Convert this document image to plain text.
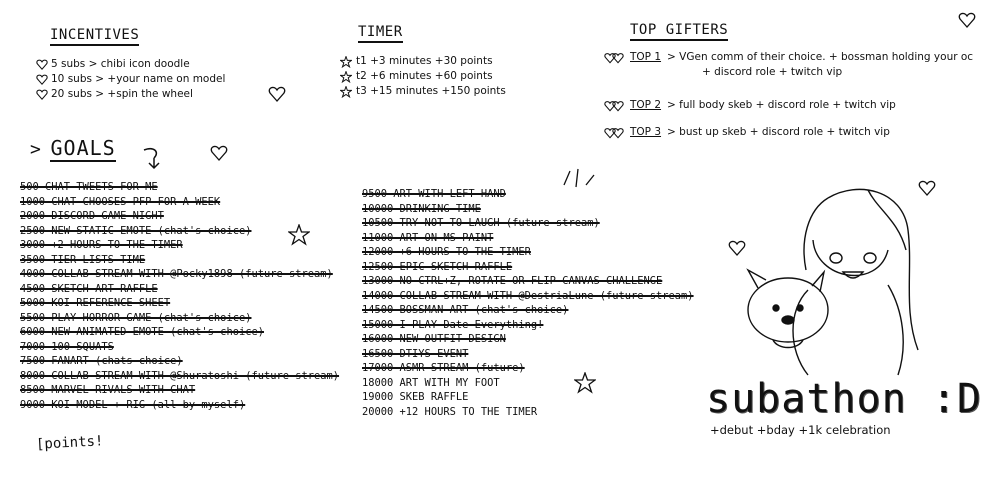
INCENTIVES
5 subs > chibi icon doodle
10 subs > +your name on model
20 subs > +spin the wheel
TIMER
t1 +3 minutes +30 points
t2 +6 minutes +60 points
t3 +15 minutes +150 points
TOP GIFTERS
TOP 1 > VGen comm of their choice. + bossman holding your oc
+ discord role + twitch vip
TOP 2 > full body skeb + discord role + twitch vip
TOP 3 > bust up skeb + discord role + twitch vip
> GOALS
500 CHAT TWEETS FOR ME
1000 CHAT CHOOSES PFP FOR A WEEK
2000 DISCORD GAME NIGHT
2500 NEW STATIC EMOTE (chat's choice)
3000 +2 HOURS TO THE TIMER
3500 TIER LISTS TIME
4000 COLLAB STREAM WITH @Pocky1898 (future stream)
4500 SKETCH ART RAFFLE
5000 KOI REFERENCE SHEET
5500 PLAY HORROR GAME (chat's choice)
6000 NEW ANIMATED EMOTE (chat's choice)
7000 100 SQUATS
7500 FANART (chats choice)
8000 COLLAB STREAM WITH @Shuratoshi (future stream)
8500 MARVEL RIVALS WITH CHAT
9000 KOI MODEL + RIG (all by myself)
9500 ART WITH LEFT HAND
10000 DRINKING TIME
10500 TRY NOT TO LAUGH (future stream)
11000 ART ON MS PAINT
12000 +6 HOURS TO THE TIMER
12500 EPIC SKETCH RAFFLE
13000 NO CTRL+Z, ROTATE OR FLIP CANVAS CHALLENGE
14000 COLLAB STREAM WITH @DestriaLune (future stream)
14500 BOSSMAN ART (chat's choice)
15000 I PLAY Date Everything!
16000 NEW OUTFIT DESIGN
16500 DTIYS EVENT
17000 ASMR STREAM (future)
18000 ART WITH MY FOOT
19000 SKEB RAFFLE
20000 +12 HOURS TO THE TIMER
[points!
subathon :D
+debut +bday +1k celebration
